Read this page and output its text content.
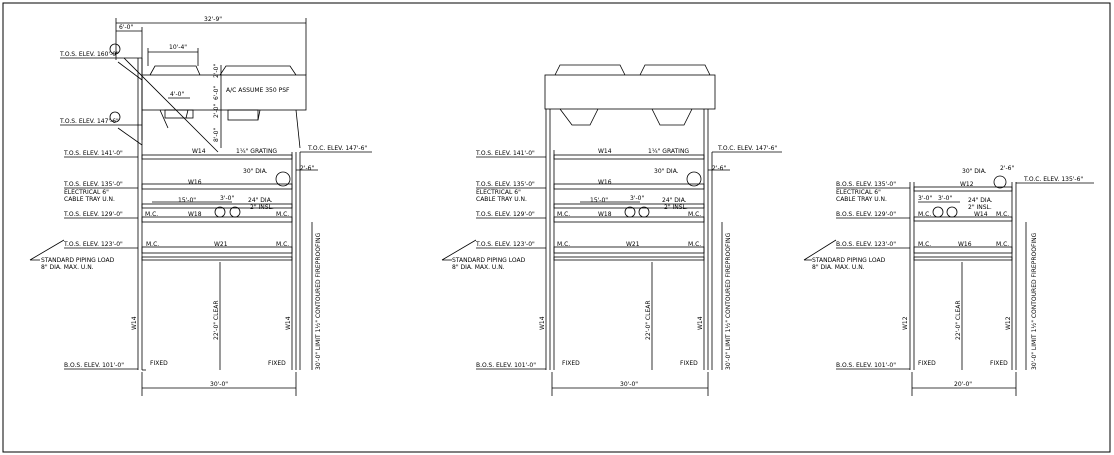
32'-9"
6'-0"
10'-4"
A/C ASSUME 350 PSF
4'-0"
2'-0"
6'-0"
2'-0"
8'-0"
W14	1¼" GRATING
W16
15'-0"	3'-0" 24" DIA.
2" INSL.
30" DIA.
W18
M.C.	M.C.
W21
M.C.	M.C.
2'-6"
T.O.S. ELEV. 160'-0"
T.O.S. ELEV. 147'-6"
T.O.S. ELEV. 141'-0"
T.O.C. ELEV. 147'-6"
T.O.S. ELEV. 135'-0"
ELECTRICAL 6"
CABLE TRAY U.N.
T.O.S. ELEV. 129'-0"
T.O.S. ELEV. 123'-0"
STANDARD PIPING LOAD
8" DIA. MAX. U.N.
B.O.S. ELEV. 101'-0"	FIXED	FIXED
W14	W14
22'-0" CLEAR	30'-0" LIMIT 1½" CONTOURED FIREPROOFING
30'-0"
W14	1¼" GRATING
W16
15'-0"	3'-0"	24" DIA.
2" INSL.
30" DIA.
W18
M.C.	M.C.
W21
M.C.	M.C.
2'-6"
T.O.S. ELEV. 141'-0"
T.O.C. ELEV. 147'-6"
T.O.S. ELEV. 135'-0"
ELECTRICAL 6"
CABLE TRAY U.N.
T.O.S. ELEV. 129'-0"
T.O.S. ELEV. 123'-0"
STANDARD PIPING LOAD
8" DIA. MAX. U.N.
B.O.S. ELEV. 101'-0"	FIXED	FIXED
W14	W14
22'-0" CLEAR	30'-0" LIMIT 1½" CONTOURED FIREPROOFING
30'-0"
W12
3'-0" 3'-0"	24" DIA.
2" INSL.
30" DIA.
W14
M.C.	M.C.
W16
M.C.	M.C.
2'-6"
B.O.S. ELEV. 135'-0"
T.O.C. ELEV. 135'-6"
ELECTRICAL 6"
CABLE TRAY U.N.
B.O.S. ELEV. 129'-0"
B.O.S. ELEV. 123'-0"
STANDARD PIPING LOAD
8" DIA. MAX. U.N.
B.O.S. ELEV. 101'-0"	FIXED	FIXED
W12	W12
22'-0" CLEAR	30'-0" LIMIT 1½" CONTOURED FIREPROOFING
20'-0"
